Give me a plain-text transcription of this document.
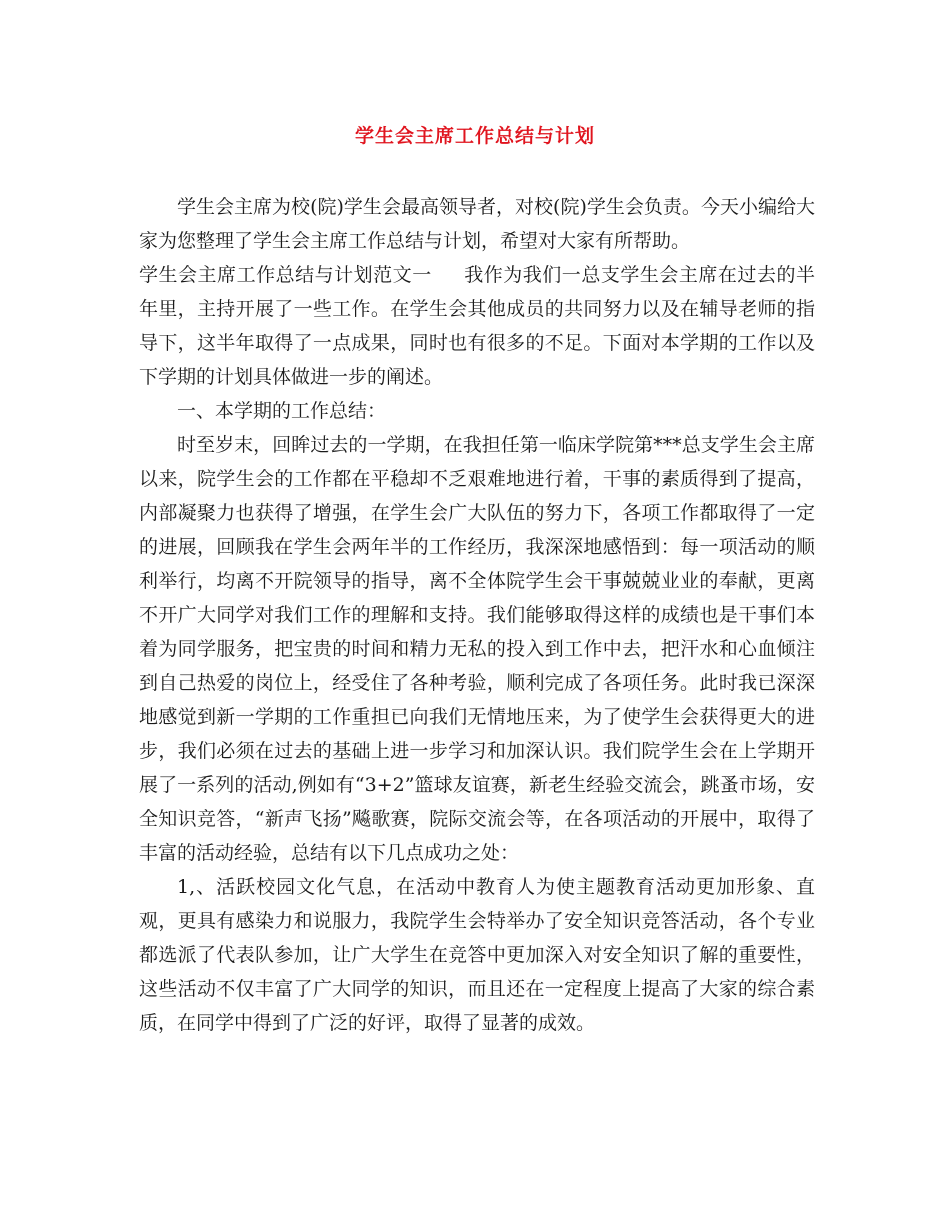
学生会主席工作总结与计划

学生会主席为校(院)学生会最高领导者，对校(院)学生会负责。今天小编给大家为您整理了学生会主席工作总结与计划，希望对大家有所帮助。

学生会主席工作总结与计划范文一 我作为我们一总支学生会主席在过去的半年里，主持开展了一些工作。在学生会其他成员的共同努力以及在辅导老师的指导下，这半年取得了一点成果，同时也有很多的不足。下面对本学期的工作以及下学期的计划具体做进一步的阐述。

一、本学期的工作总结：

时至岁末，回眸过去的一学期，在我担任第一临床学院第***总支学生会主席以来，院学生会的工作都在平稳却不乏艰难地进行着，干事的素质得到了提高，内部凝聚力也获得了增强，在学生会广大队伍的努力下，各项工作都取得了一定的进展，回顾我在学生会两年半的工作经历，我深深地感悟到：每一项活动的顺利举行，均离不开院领导的指导，离不全体院学生会干事兢兢业业的奉献，更离不开广大同学对我们工作的理解和支持。我们能够取得这样的成绩也是干事们本着为同学服务，把宝贵的时间和精力无私的投入到工作中去，把汗水和心血倾注到自己热爱的岗位上，经受住了各种考验，顺利完成了各项任务。此时我已深深地感觉到新一学期的工作重担已向我们无情地压来，为了使学生会获得更大的进步，我们必须在过去的基础上进一步学习和加深认识。我们院学生会在上学期开展了一系列的活动,例如有“3+2”篮球友谊赛，新老生经验交流会，跳蚤市场，安全知识竞答，“新声飞扬”飚歌赛，院际交流会等，在各项活动的开展中，取得了丰富的活动经验，总结有以下几点成功之处：

1,、活跃校园文化气息，在活动中教育人为使主题教育活动更加形象、直观，更具有感染力和说服力，我院学生会特举办了安全知识竞答活动，各个专业都选派了代表队参加，让广大学生在竞答中更加深入对安全知识了解的重要性，这些活动不仅丰富了广大同学的知识，而且还在一定程度上提高了大家的综合素质，在同学中得到了广泛的好评，取得了显著的成效。
